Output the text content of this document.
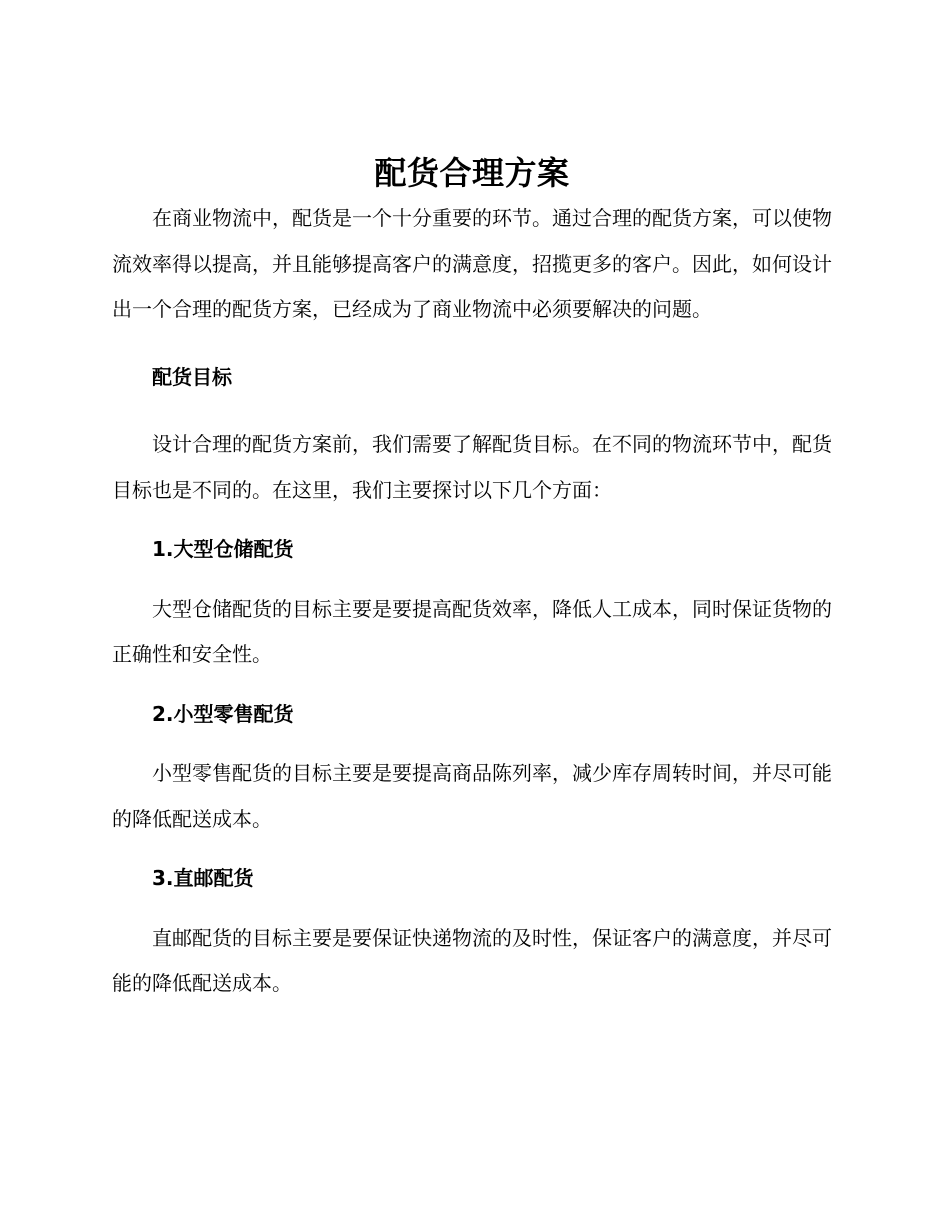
配货合理方案

在商业物流中，配货是一个十分重要的环节。通过合理的配货方案，可以使物流效率得以提高，并且能够提高客户的满意度，招揽更多的客户。因此，如何设计出一个合理的配货方案，已经成为了商业物流中必须要解决的问题。

配货目标

设计合理的配货方案前，我们需要了解配货目标。在不同的物流环节中，配货目标也是不同的。在这里，我们主要探讨以下几个方面：

1.大型仓储配货

大型仓储配货的目标主要是要提高配货效率，降低人工成本，同时保证货物的正确性和安全性。

2.小型零售配货

小型零售配货的目标主要是要提高商品陈列率，减少库存周转时间，并尽可能的降低配送成本。

3.直邮配货

直邮配货的目标主要是要保证快递物流的及时性，保证客户的满意度，并尽可能的降低配送成本。
